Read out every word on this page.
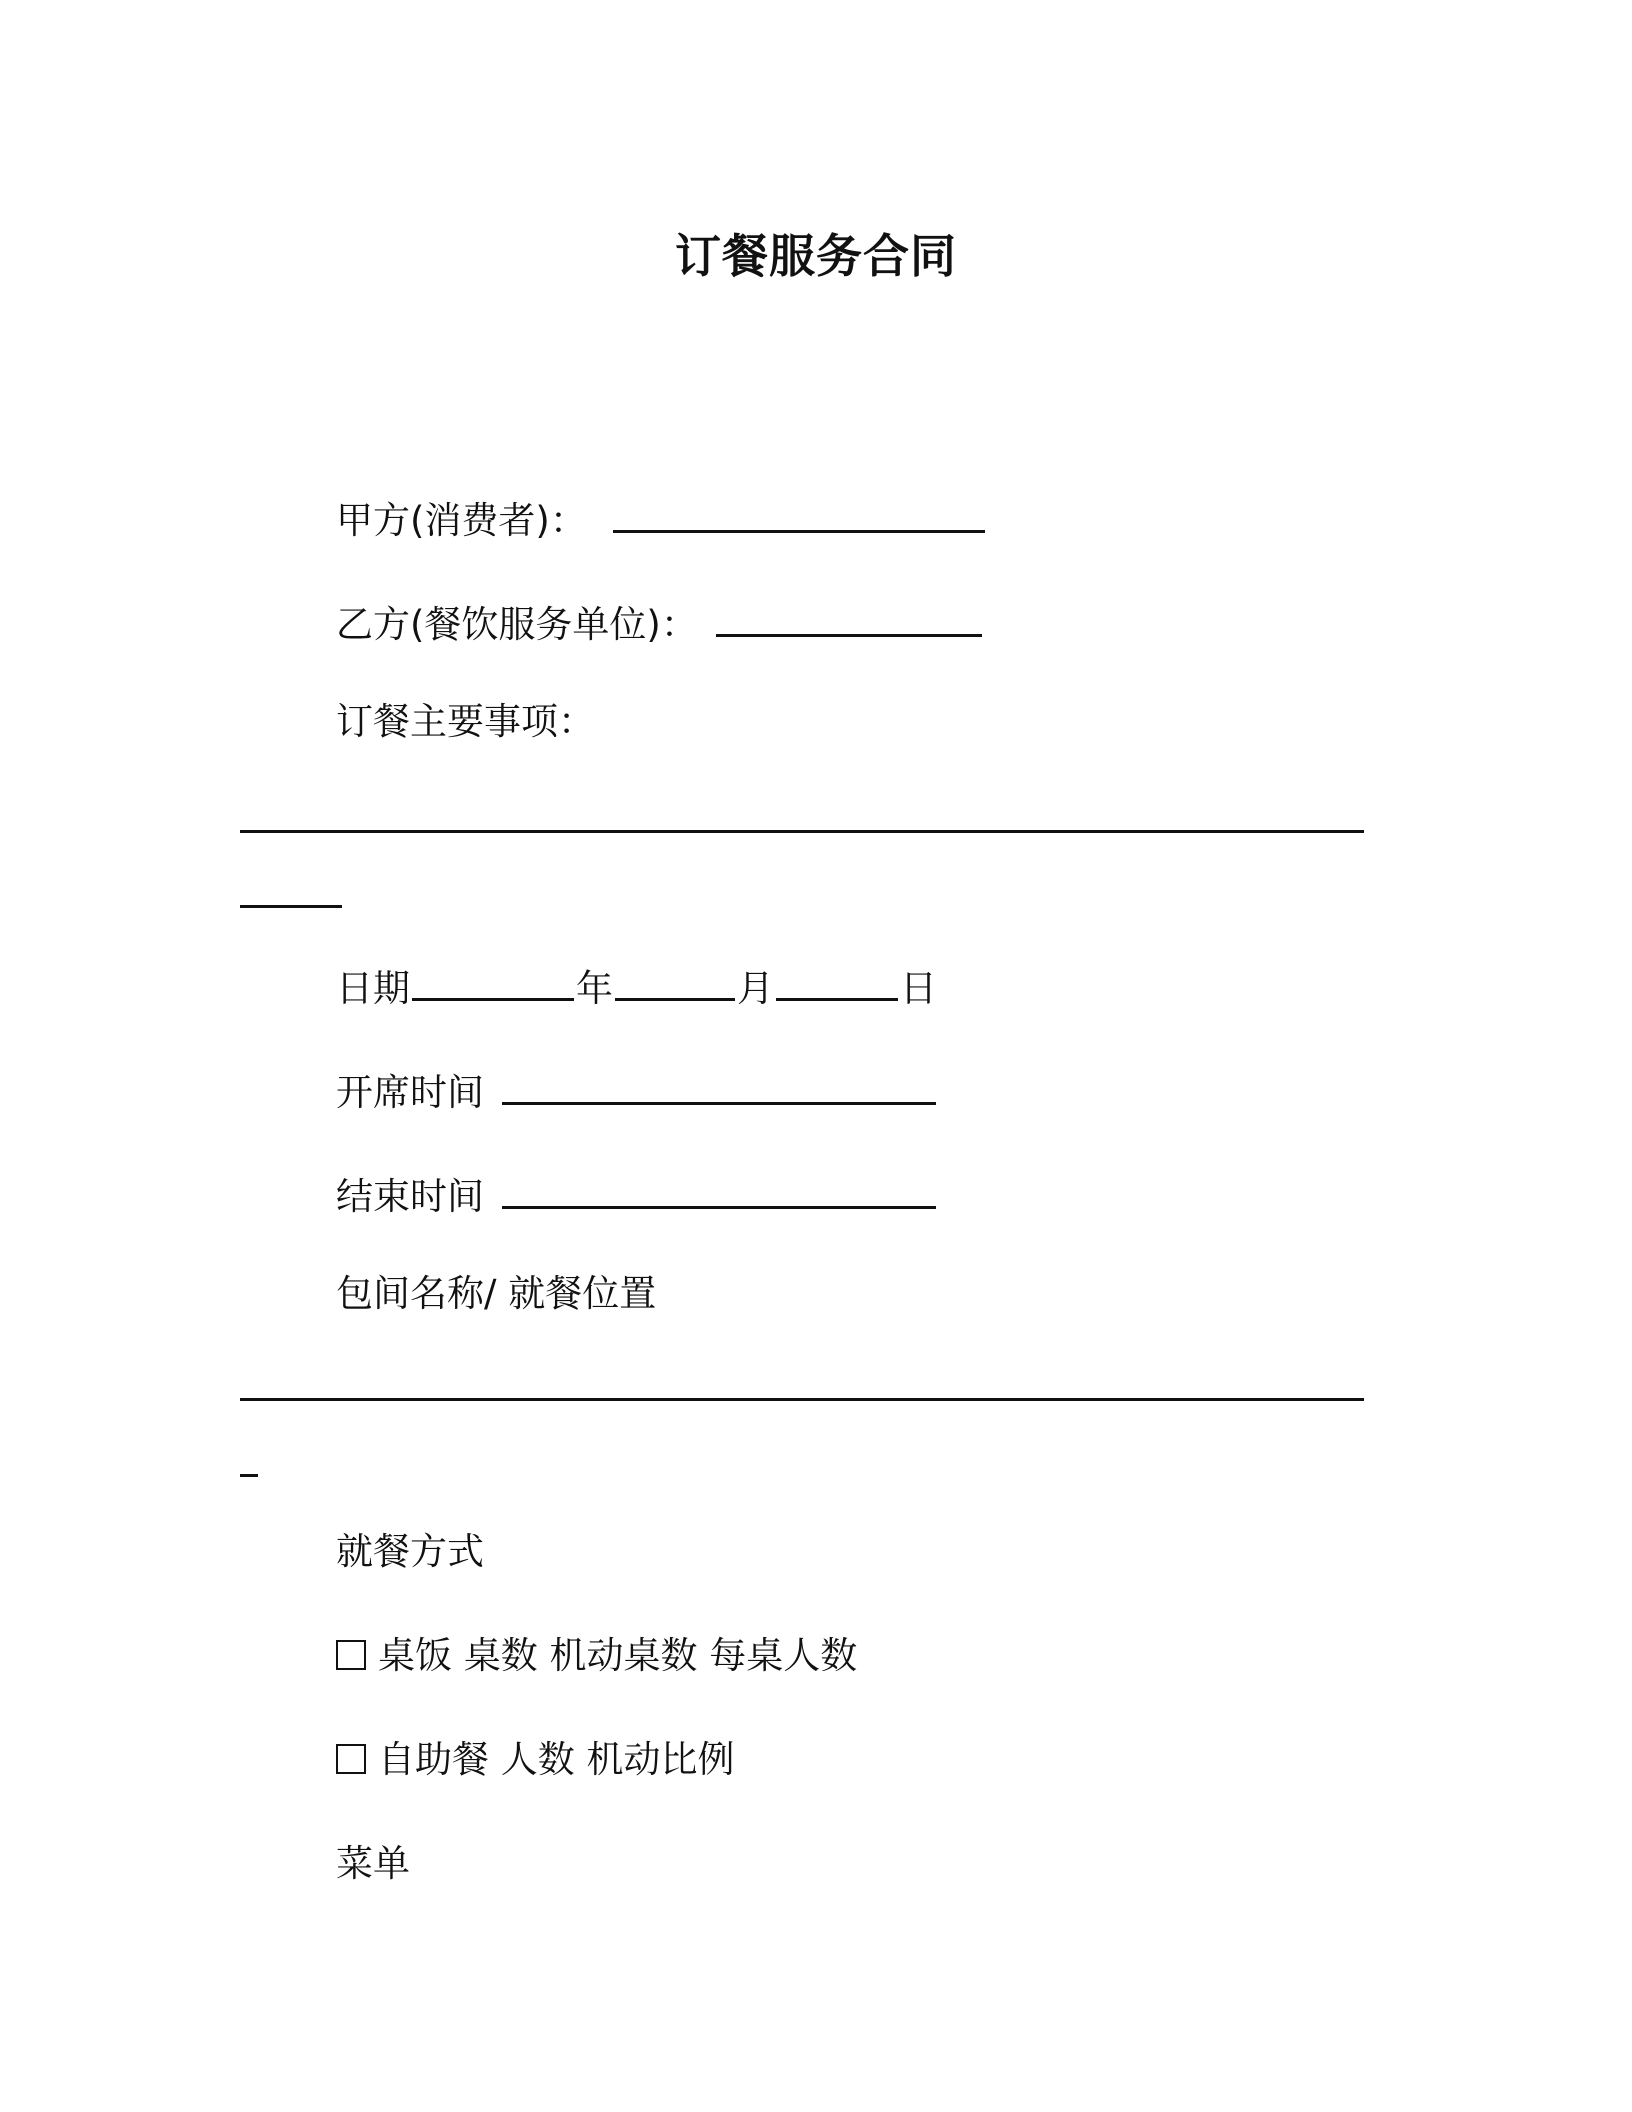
订餐服务合同
甲方(消费者)：
乙方(餐饮服务单位)：
订餐主要事项：
日期	年	月	日
开席时间
结束时间
包间名称/ 就餐位置
就餐方式
桌饭 桌数 机动桌数 每桌人数
自助餐 人数 机动比例
菜单
